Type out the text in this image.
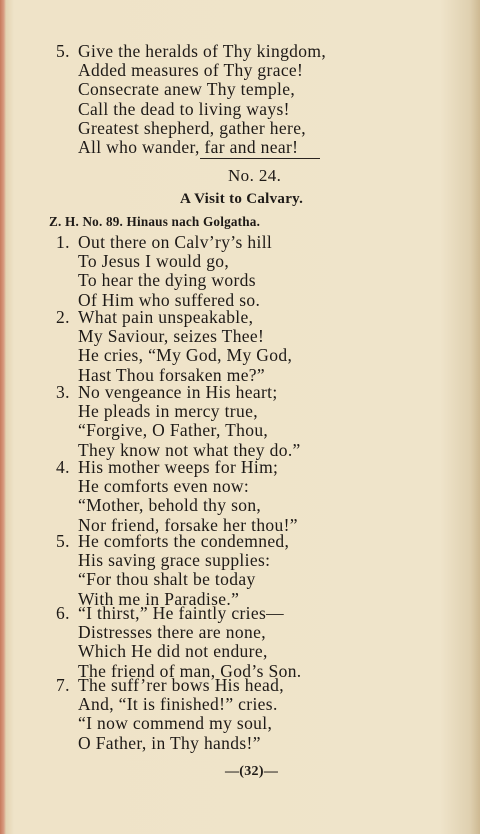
5. Give the heralds of Thy kingdom,
Added measures of Thy grace!
Consecrate anew Thy temple,
Call the dead to living ways!
Greatest shepherd, gather here,
All who wander, far and near!
No. 24.
A Visit to Calvary.
Z. H. No. 89. Hinaus nach Golgatha.
1. Out there on Calv’ry’s hill
To Jesus I would go,
To hear the dying words
Of Him who suffered so.
2. What pain unspeakable,
My Saviour, seizes Thee!
He cries, “My God, My God,
Hast Thou forsaken me?”
3. No vengeance in His heart;
He pleads in mercy true,
“Forgive, O Father, Thou,
They know not what they do.”
4. His mother weeps for Him;
He comforts even now:
“Mother, behold thy son,
Nor friend, forsake her thou!”
5. He comforts the condemned,
His saving grace supplies:
“For thou shalt be today
With me in Paradise.”
6. “I thirst,” He faintly cries—
Distresses there are none,
Which He did not endure,
The friend of man, God’s Son.
7. The suff’rer bows His head,
And, “It is finished!” cries.
“I now commend my soul,
O Father, in Thy hands!”
—(32)—
